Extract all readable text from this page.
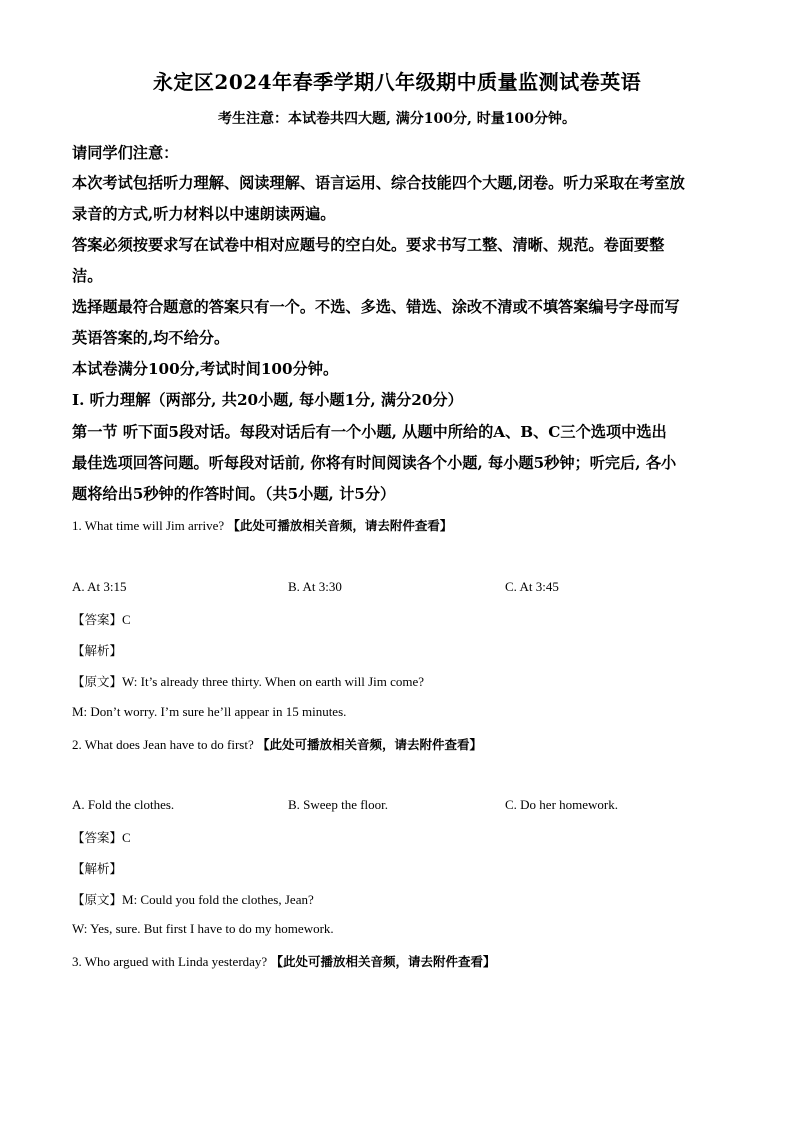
永定区2024年春季学期八年级期中质量监测试卷英语
考生注意：本试卷共四大题, 满分100分, 时量100分钟。
请同学们注意：
本次考试包括听力理解、阅读理解、语言运用、综合技能四个大题,闭卷。听力采取在考室放
录音的方式,听力材料以中速朗读两遍。
答案必须按要求写在试卷中相对应题号的空白处。要求书写工整、清晰、规范。卷面要整
洁。
选择题最符合题意的答案只有一个。不选、多选、错选、涂改不清或不填答案编号字母而写
英语答案的,均不给分。
本试卷满分100分,考试时间100分钟。
Ⅰ. 听力理解（两部分, 共20小题, 每小题1分, 满分20分）
第一节 听下面5段对话。每段对话后有一个小题, 从题中所给的A、B、C三个选项中选出
最佳选项回答问题。听每段对话前, 你将有时间阅读各个小题, 每小题5秒钟；听完后, 各小
题将给出5秒钟的作答时间。（共5小题, 计5分）
1. What time will Jim arrive? 【此处可播放相关音频，请去附件查看】
A. At 3:15	B. At 3:30	C. At 3:45
【答案】C
【解析】
【原文】W: It’s already three thirty. When on earth will Jim come?
M: Don’t worry. I’m sure he’ll appear in 15 minutes.
2. What does Jean have to do first? 【此处可播放相关音频，请去附件查看】
A. Fold the clothes.	B. Sweep the floor.	C. Do her homework.
【答案】C
【解析】
【原文】M: Could you fold the clothes, Jean?
W: Yes, sure. But first I have to do my homework.
3. Who argued with Linda yesterday? 【此处可播放相关音频，请去附件查看】
